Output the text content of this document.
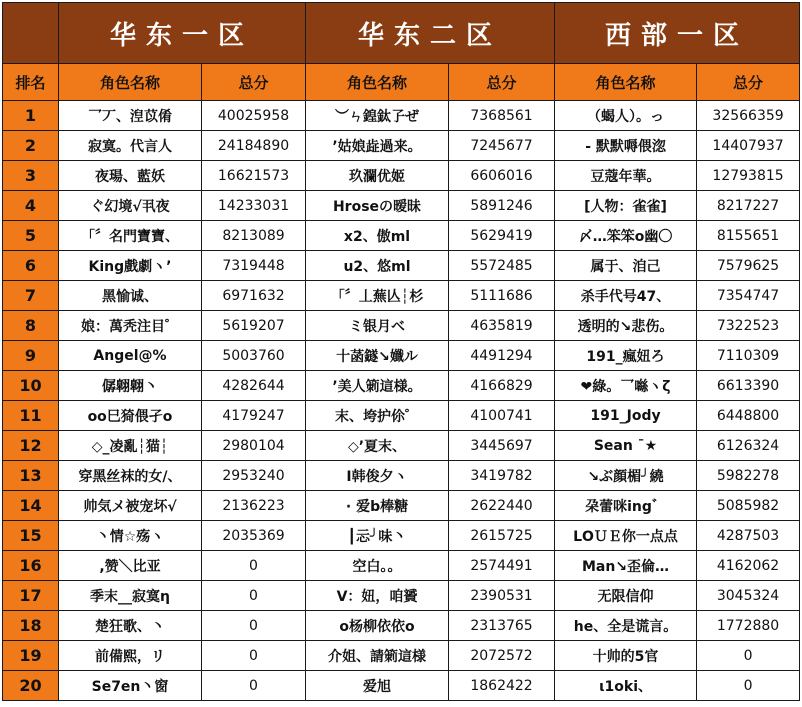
	华东一区		华东二区		西部一区	
排名	角色名称	总分	角色名称	总分	角色名称	总分
1	乛丆、湼苡倄	40025958	︶ㄣ鍠鈦孒ぜ	7368561	（蝎人）。っ	32566359
2	寂寞。代言人	24184890	’姑娘歮過来。	7245677	- 默默嗕偎淴	14407937
3	夜瑒、藍妖	16621573	玖瀾优姬	6606016	豆蔻年華。	12793815
4	ぐ幻境√丮夜	14233031	Hroseの暧昧	5891246	[人物：雀雀]	8217227
5	「〞名門寶寶、	8213089	x2、傲ml	5629419	〆…笨笨o幽〇	8155651
6	King戲劇ヽ’	7319448	u2、悠ml	5572485	属于、洎己	7579625
7	黑愉诚、	6971632	「〞丄蕪亾┆杉	5111686	杀手代号47、	7354747
8	娘：萬秃注目゜	5619207	ミ银月ベ	4635819	透明的↘悲伤。	7322523
9	Angel@%	5003760	十菡鐩↘孅ル	4491294	191_瘋妞ろ	7110309
10	僝翺翺丶	4282644	’美人箣這様。	4166829	❤綠。乛噝ヽζ	6613390
11	oo巳猗偎孑o	4179247	末、垮护伱゜	4100741	191_Jody	6448800
12	◇_凌亂┆猫┆	2980104	◇’夏末、	3445697	Sean ˉ★	6126324
13	穿黑丝袜的女/、	2953240	I韩俊夕ヽ	3419782	↘ぶ顔楣╯繞	5982278
14	帅気メ被宠坏√	2136223	· 爱b棒糖	2622440	朶蕾咪ing゛	5085982
15	丶情☆殇ヽ	2035369	┃忈╯味丶	2615725	LОＵＥ你一点点	4287503
16	,赞＼比亚	0	空白。。	2574491	Man↘歪倫…	4162062
17	季末__寂寞η	0	V：妞，咱贇	2390531	无限信仰	3045324
18	楚狂歌、丶	0	o杨柳依依o	2313765	he、全是谎言。	1772880
19	前備熙，リ	0	介姐、請箣這様	2072572	十帅的5官	0
20	Se7en丶窗	0	爱旭	1862422	ι1oki、	0
